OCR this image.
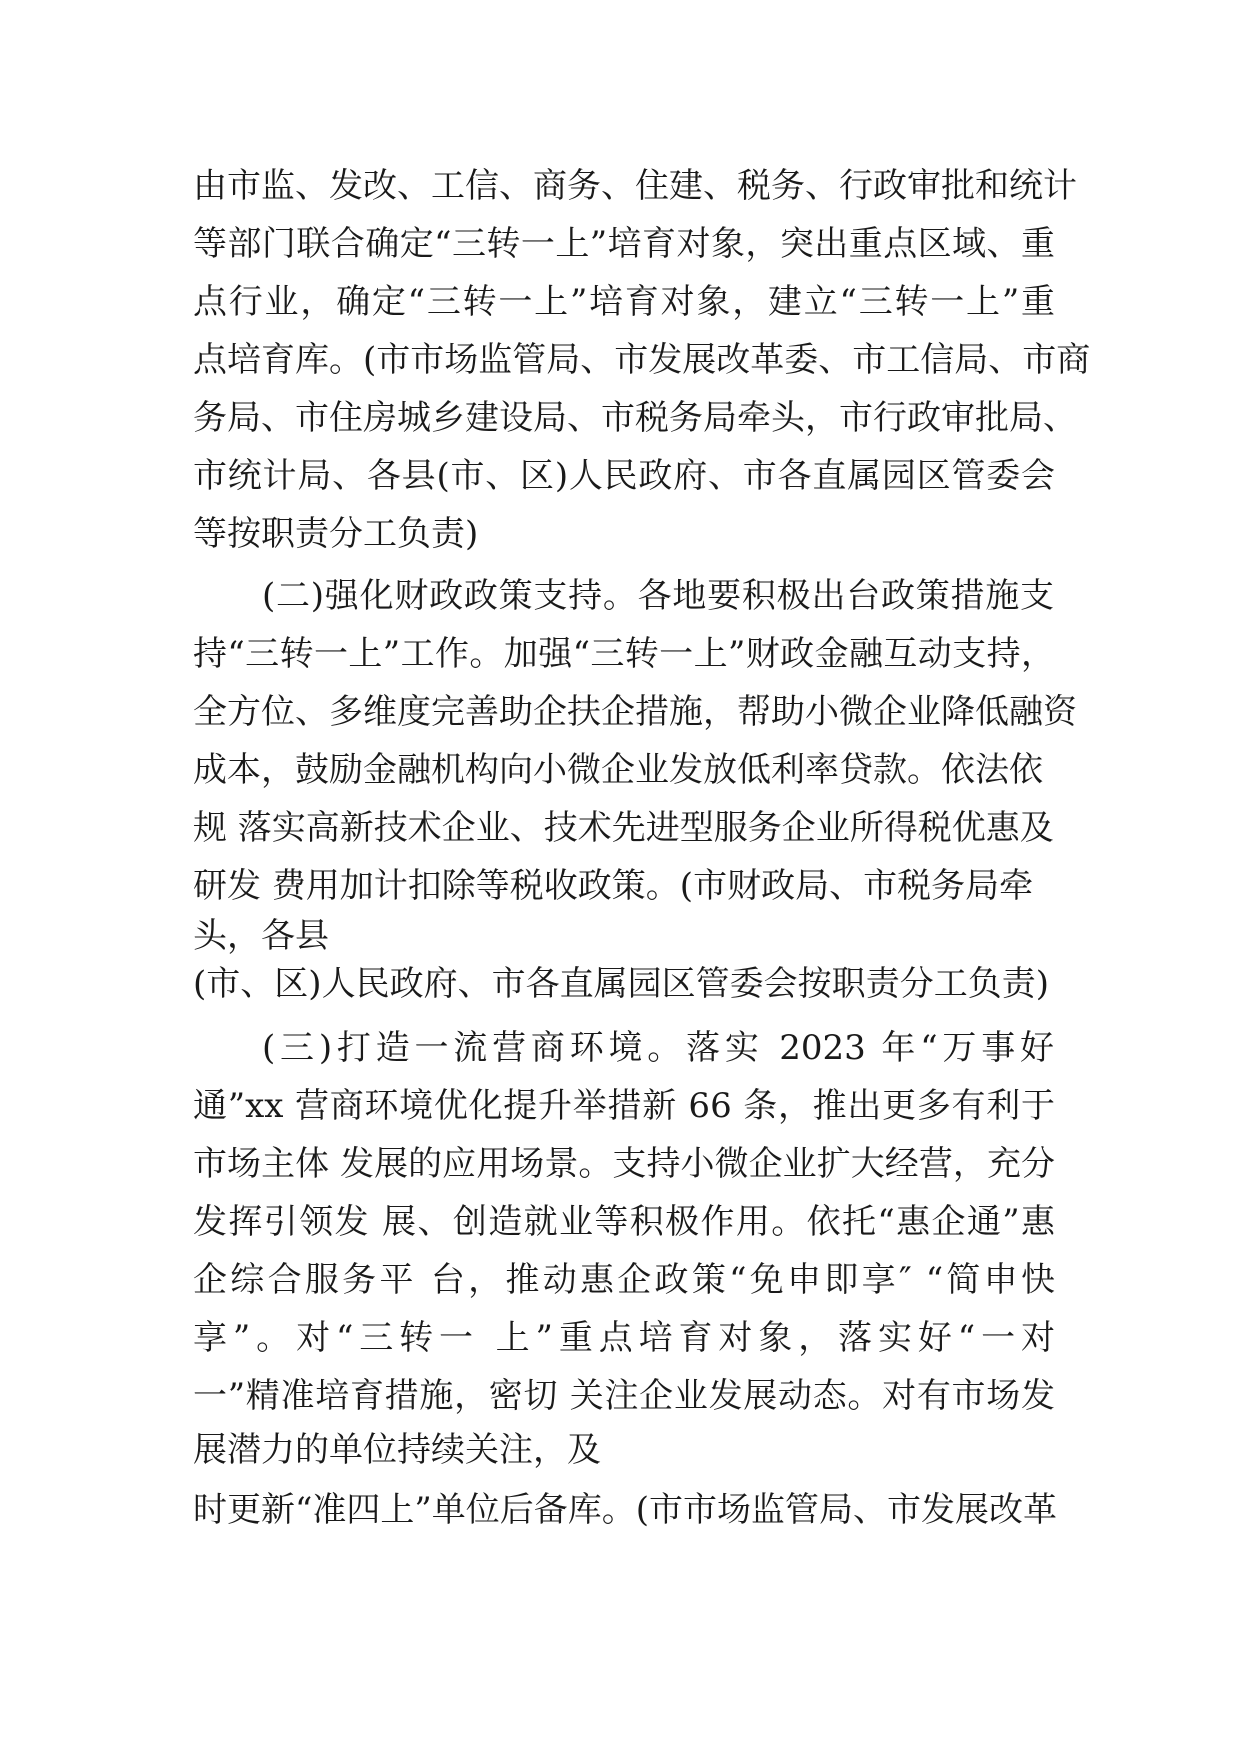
由市监、发改、工信、商务、住建、税务、行政审批和统计
等部门联合确定“三转一上”培育对象，突出重点区域、重
点行业，确定“三转一上”培育对象，建立“三转一上”重
点培育库。(市市场监管局、市发展改革委、市工信局、市商
务局、市住房城乡建设局、市税务局牵头，市行政审批局、
市统计局、各县(市、区)人民政府、市各直属园区管委会
等按职责分工负责)
(二)强化财政政策支持。各地要积极出台政策措施支
持“三转一上”工作。加强“三转一上”财政金融互动支持，
全方位、多维度完善助企扶企措施，帮助小微企业降低融资
成本，鼓励金融机构向小微企业发放低利率贷款。依法依
规 落实高新技术企业、技术先进型服务企业所得税优惠及
研发 费用加计扣除等税收政策。(市财政局、市税务局牵
头，各县
(市、区)人民政府、市各直属园区管委会按职责分工负责)
(三)打造一流营商环境。落实 2023 年“万事好
通”xx 营商环境优化提升举措新 66 条，推出更多有利于
市场主体 发展的应用场景。支持小微企业扩大经营，充分
发挥引领发 展、创造就业等积极作用。依托“惠企通”惠
企综合服务平 台，推动惠企政策“免申即享″ “简申快
享”。对“三转一 上”重点培育对象，落实好“一对
一”精准培育措施，密切 关注企业发展动态。对有市场发
展潜力的单位持续关注，及
时更新“准四上”单位后备库。(市市场监管局、市发展改革
